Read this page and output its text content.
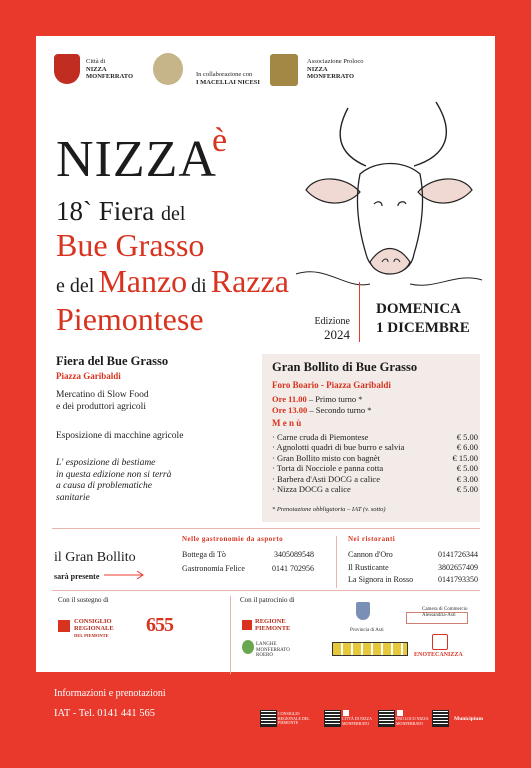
Città di
NIZZA
MONFERRATO	In collaborazione con
I MACELLAI NICESI
Associazione Proloco
NIZZA
MONFERRATO
NIZZA
è
18` Fiera del
Bue Grasso
e del Manzo di Razza
Piemontese	Edizione
2024
DOMENICA
1 DICEMBRE
Fiera del Bue Grasso
Piazza Garibaldi
Mercatino di Slow Food
e dei produttori agricoli
Esposizione di macchine agricole
L' esposizione di bestiame
in questa edizione non si terrà
a causa di problematiche
sanitarie
Gran Bollito di Bue Grasso
Foro Boario - Piazza Garibaldi
Ore 11.00 – Primo turno *
Ore 13.00 – Secondo turno *
M e n ù
· Carne cruda di Piemontese	€ 5.00
· Agnolotti quadri di bue burro e salvia	€ 6.00
· Gran Bollito misto con bagnèt	€ 15.00
· Torta di Nocciole e panna cotta	€ 5.00
· Barbera d'Asti DOCG a calice	€ 3.00
· Nizza DOCG a calice	€ 5.00
* Prenotazione obbligatoria – IAT (v. sotto)
il Gran Bollito
sarà presente
Nelle gastronomie da asporto
Bottega di Tò	3405089548
Gastronomia Felice	0141 702956
Nei ristoranti
Cannon d'Oro	0141726344
Il Rusticante	3802657409
La Signora in Rosso	0141793350
Con il sostegno di
CONSIGLIO
REGIONALE
DEL PIEMONTE 655
Con il patrocinio di
REGIONE
PIEMONTE	Provincia di Asti
Camera di Commercio
Alessandria-Asti
LANGHE MONFERRATO ROERO	ENOTECANIZZA
Informazioni e prenotazioni
IAT - Tel. 0141 441 565	CONSIGLIO REGIONALE DEL PIEMONTE
CITTÀ DI NIZZA MONFERRATO
PRO LOCO NIZZA MONFERRATO
Municipium
